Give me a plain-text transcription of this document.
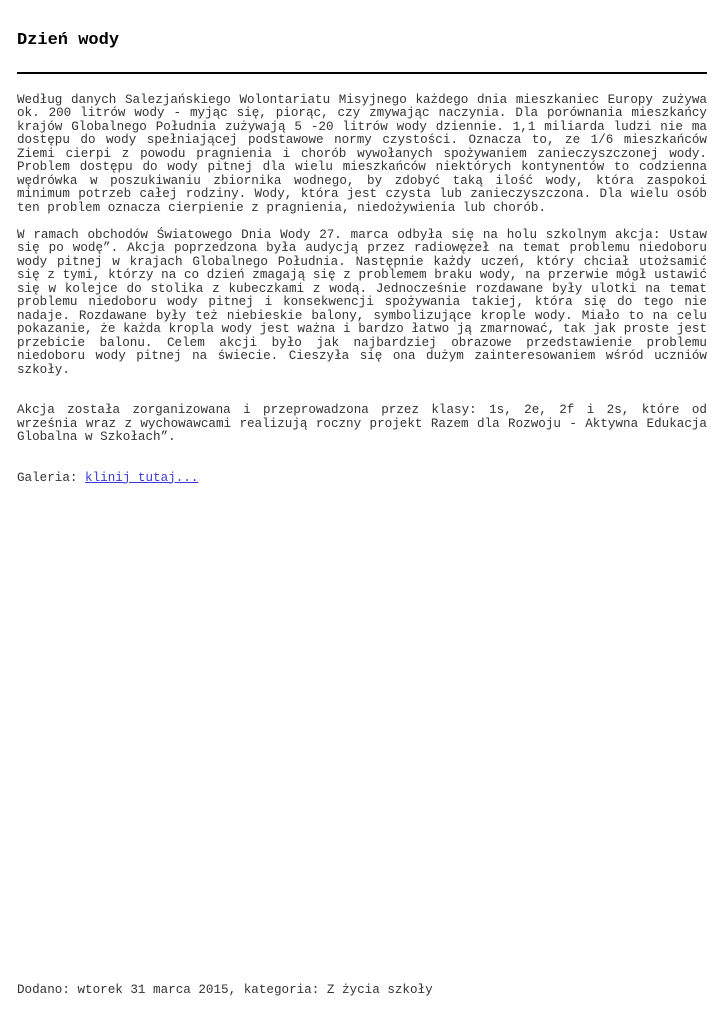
Dzień wody

Według danych Salezjańskiego Wolontariatu Misyjnego każdego dnia mieszkaniec Europy zużywa ok. 200 litrów wody - myjąc się, piorąc, czy zmywając naczynia. Dla porównania mieszkańcy krajów Globalnego Południa zużywają 5 -20 litrów wody dziennie. 1,1 miliarda ludzi nie ma dostępu do wody spełniającej podstawowe normy czystości. Oznacza to, ze 1/6 mieszkańców Ziemi cierpi z powodu pragnienia i chorób wywołanych spożywaniem zanieczyszczonej wody. Problem dostępu do wody pitnej dla wielu mieszkańców niektórych kontynentów to codzienna wędrówka w poszukiwaniu zbiornika wodnego, by zdobyć taką ilość wody, która zaspokoi minimum potrzeb całej rodziny. Wody, która jest czysta lub zanieczyszczona. Dla wielu osób ten problem oznacza cierpienie z pragnienia, niedożywienia lub chorób.

W ramach obchodów Światowego Dnia Wody 27. marca odbyła się na holu szkolnym akcja: Ustaw się po wodę”. Akcja poprzedzona była audycją przez radiowęzeł na temat problemu niedoboru wody pitnej w krajach Globalnego Południa. Następnie każdy uczeń, który chciał utożsamić się z tymi, którzy na co dzień zmagają się z problemem braku wody, na przerwie mógł ustawić się w kolejce do stolika z kubeczkami z wodą. Jednocześnie rozdawane były ulotki na temat problemu niedoboru wody pitnej i konsekwencji spożywania takiej, która się do tego nie nadaje. Rozdawane były też niebieskie balony, symbolizujące krople wody. Miało to na celu pokazanie, że każda kropla wody jest ważna i bardzo łatwo ją zmarnować, tak jak proste jest przebicie balonu. Celem akcji było jak najbardziej obrazowe przedstawienie problemu niedoboru wody pitnej na świecie. Cieszyła się ona dużym zainteresowaniem wśród uczniów szkoły.

Akcja została zorganizowana i przeprowadzona przez klasy: 1s, 2e, 2f i 2s, które od września wraz z wychowawcami realizują roczny projekt Razem dla Rozwoju - Aktywna Edukacja Globalna w Szkołach”.

Galeria: klinij tutaj...

Dodano: wtorek 31 marca 2015, kategoria: Z życia szkoły
